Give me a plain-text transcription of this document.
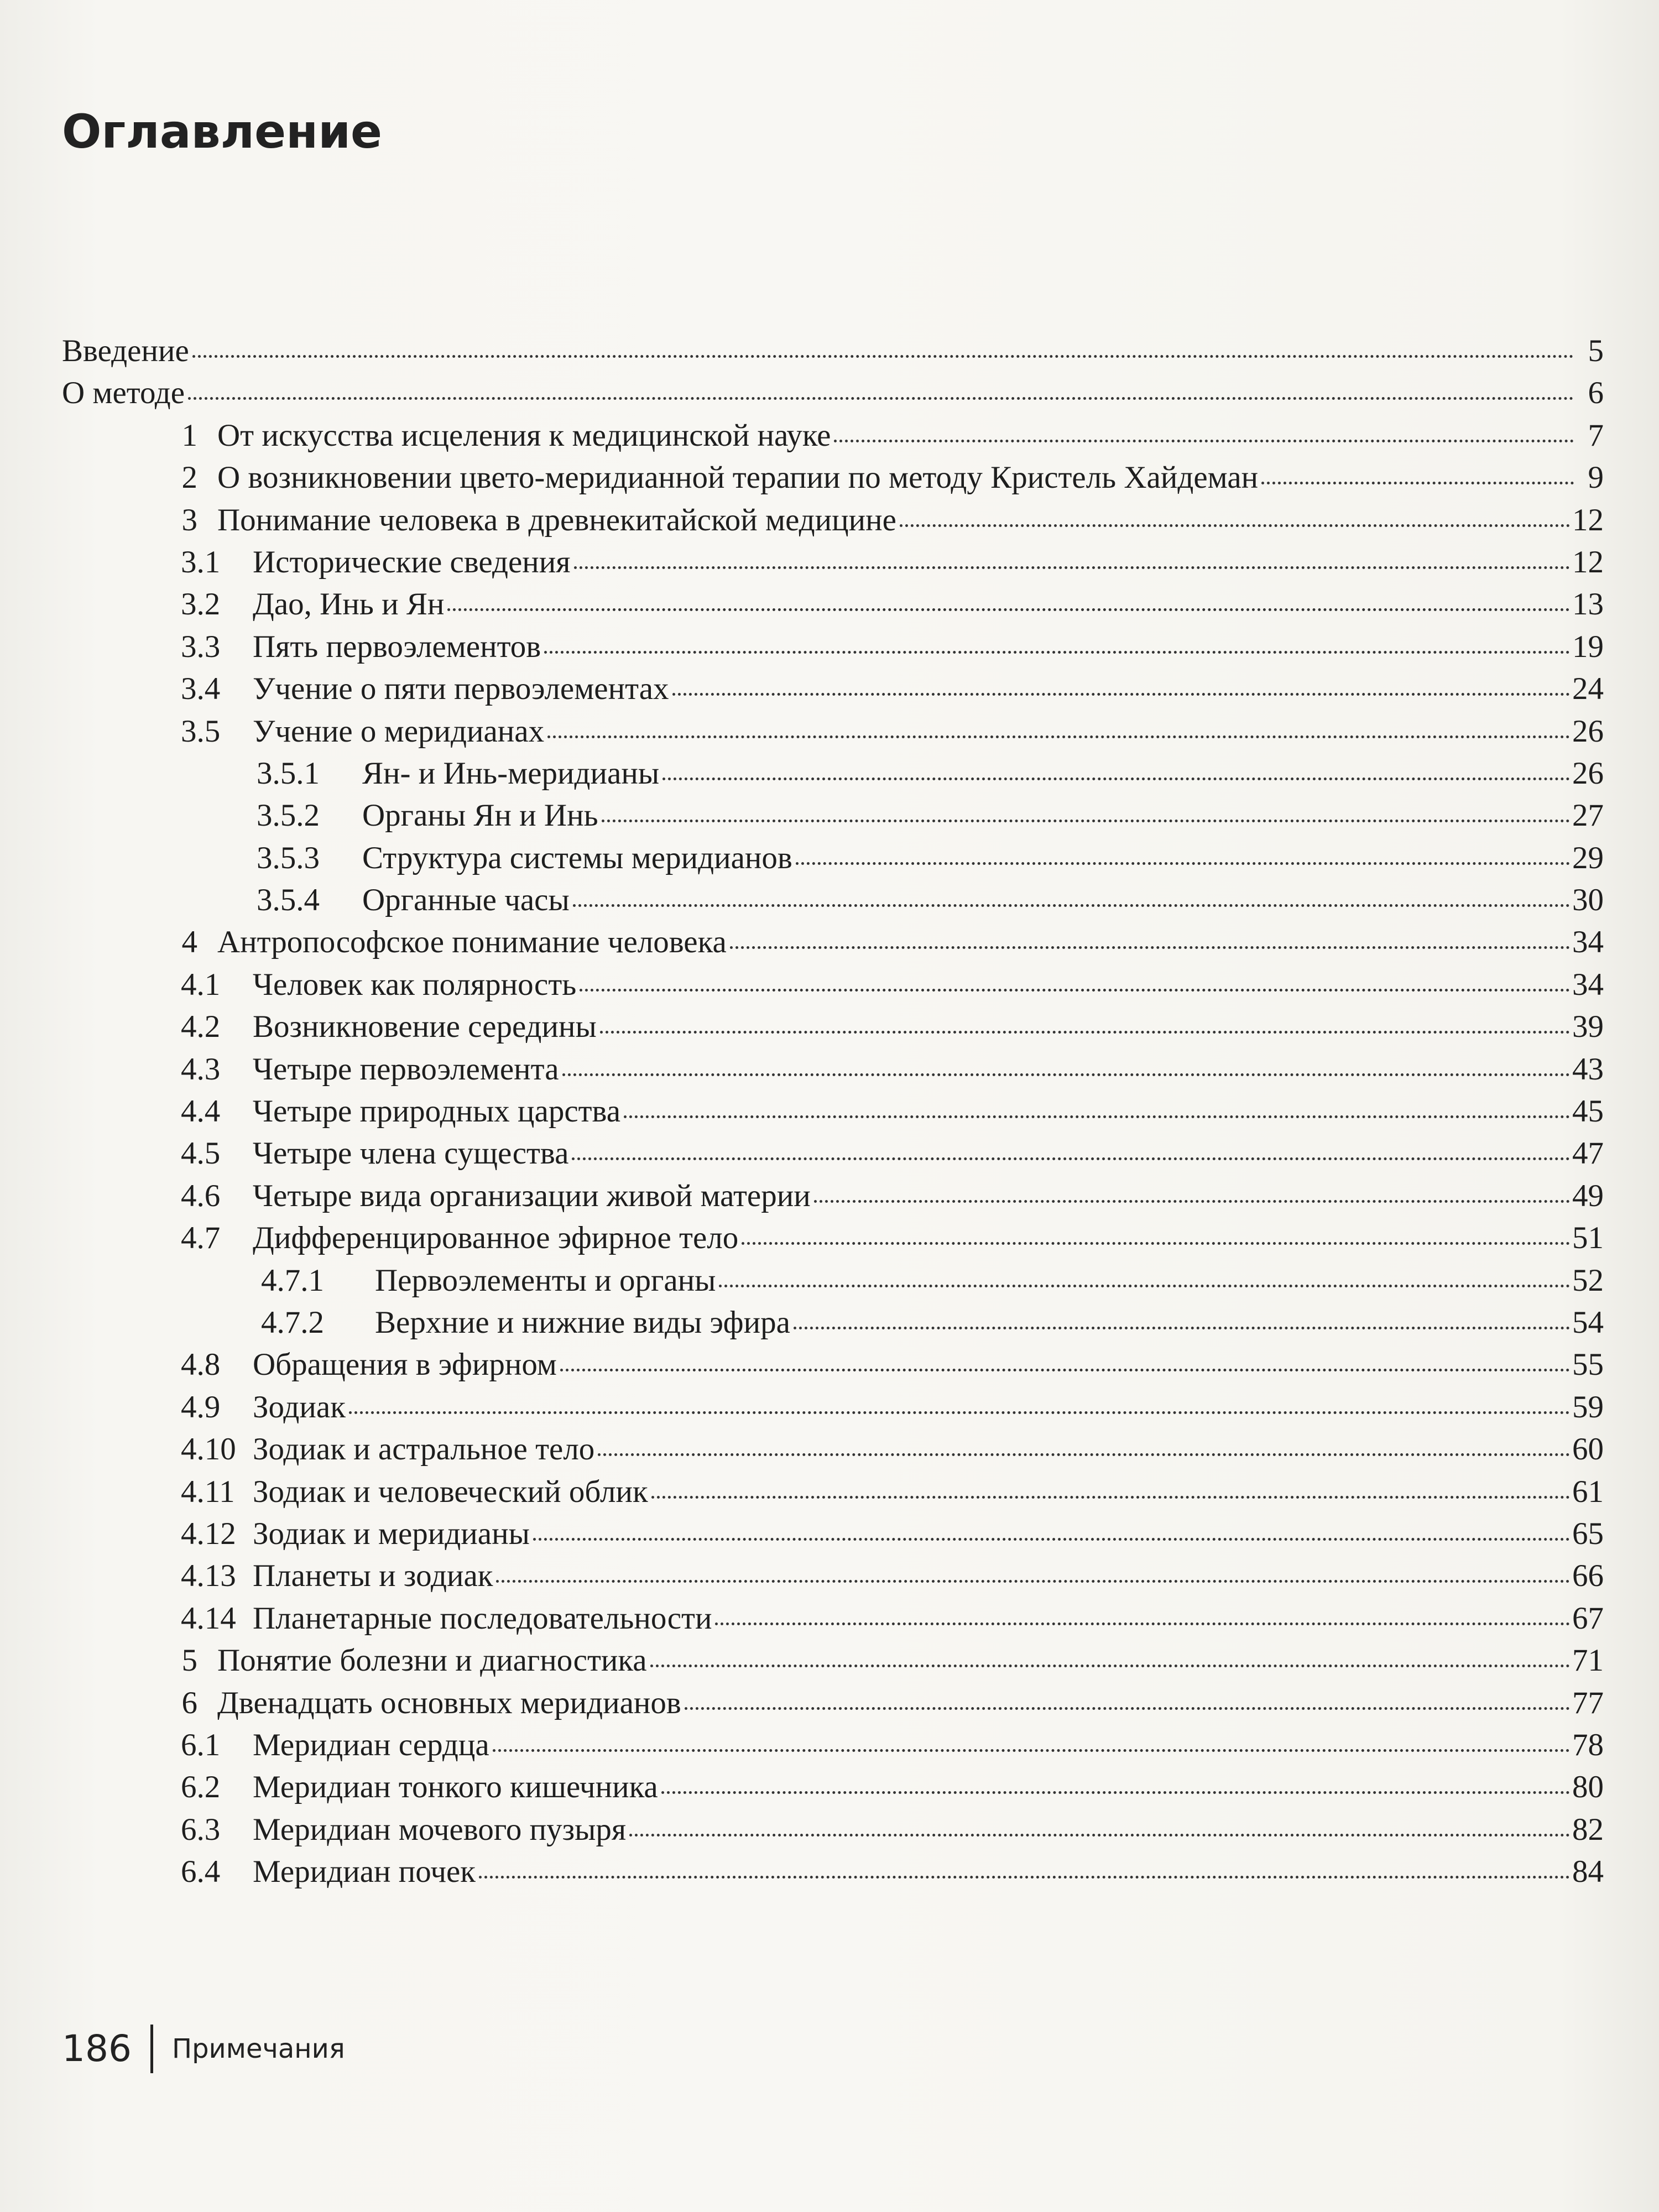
Оглавление
Введение	5
О методе	6
1 От искусства исцеления к медицинской науке	7
2 О возникновении цвето-меридианной терапии по методу Кристель Хайдеман	9
3 Понимание человека в древнекитайской медицине	12
3.1	Исторические сведения	12
3.2	Дао, Инь и Ян	13
3.3	Пять первоэлементов	19
3.4	Учение о пяти первоэлементах	24
3.5	Учение о меридианах	26
3.5.1	Ян- и Инь-меридианы	26
3.5.2	Органы Ян и Инь	27
3.5.3	Структура системы меридианов	29
3.5.4	Органные часы	30
4 Антропософское понимание человека	34
4.1	Человек как полярность	34
4.2	Возникновение середины	39
4.3	Четыре первоэлемента	43
4.4	Четыре природных царства	45
4.5	Четыре члена существа	47
4.6	Четыре вида организации живой материи	49
4.7	Дифференцированное эфирное тело	51
4.7.1	Первоэлементы и органы	52
4.7.2	Верхние и нижние виды эфира	54
4.8	Обращения в эфирном	55
4.9	Зодиак	59
4.10 Зодиак и астральное тело	60
4.11 Зодиак и человеческий облик	61
4.12 Зодиак и меридианы	65
4.13 Планеты и зодиак	66
4.14 Планетарные последовательности	67
5 Понятие болезни и диагностика	71
6 Двенадцать основных меридианов	77
6.1	Меридиан сердца	78
6.2	Меридиан тонкого кишечника	80
6.3	Меридиан мочевого пузыря	82
6.4	Меридиан почек	84
186 Примечания
